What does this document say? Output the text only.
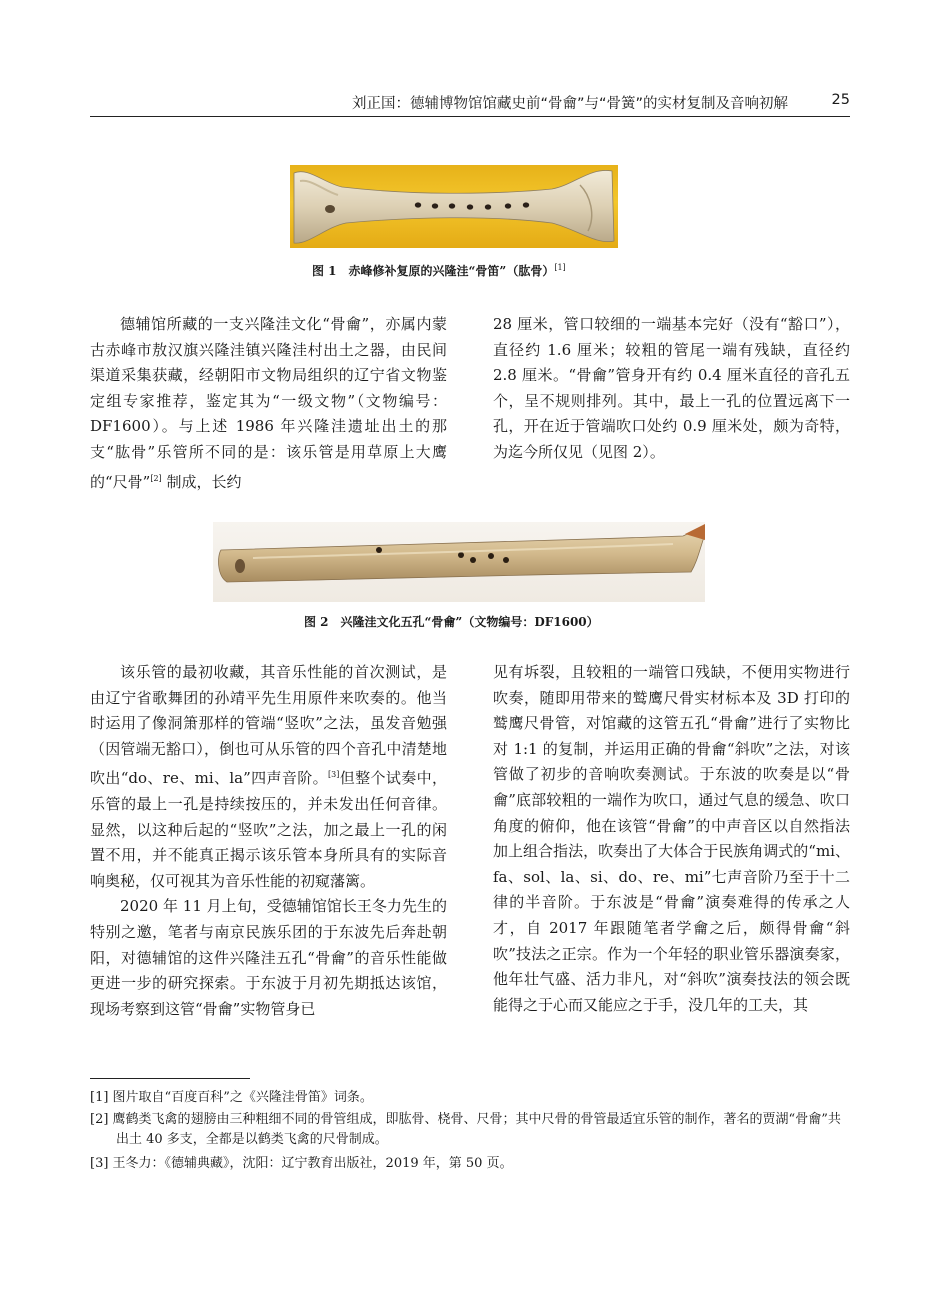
刘正国：德辅博物馆馆藏史前“骨龠”与“骨簧”的实材复制及音响初解	25
图 1　赤峰修补复原的兴隆洼“骨笛”（肱骨）[1]

德辅馆所藏的一支兴隆洼文化“骨龠”，亦属内蒙古赤峰市敖汉旗兴隆洼镇兴隆洼村出土之器，由民间渠道采集获藏，经朝阳市文物局组织的辽宁省文物鉴定组专家推荐，鉴定其为“一级文物”（文物编号：DF1600）。与上述 1986 年兴隆洼遗址出土的那支“肱骨”乐管所不同的是：该乐管是用草原上大鹰的“尺骨”[2] 制成，长约

28 厘米，管口较细的一端基本完好（没有“豁口”），直径约 1.6 厘米；较粗的管尾一端有残缺，直径约 2.8 厘米。“骨龠”管身开有约 0.4 厘米直径的音孔五个，呈不规则排列。其中，最上一孔的位置远离下一孔，开在近于管端吹口处约 0.9 厘米处，颇为奇特，为迄今所仅见（见图 2）。

图 2　兴隆洼文化五孔“骨龠”（文物编号：DF1600）

该乐管的最初收藏，其音乐性能的首次测试，是由辽宁省歌舞团的孙靖平先生用原件来吹奏的。他当时运用了像洞箫那样的管端“竖吹”之法，虽发音勉强（因管端无豁口），倒也可从乐管的四个音孔中清楚地吹出“do、re、mi、la”四声音阶。[3]但整个试奏中，乐管的最上一孔是持续按压的，并未发出任何音律。显然，以这种后起的“竖吹”之法，加之最上一孔的闲置不用，并不能真正揭示该乐管本身所具有的实际音响奥秘，仅可视其为音乐性能的初窥藩篱。
2020 年 11 月上旬，受德辅馆馆长王冬力先生的特别之邀，笔者与南京民族乐团的于东波先后奔赴朝阳，对德辅馆的这件兴隆洼五孔“骨龠”的音乐性能做更进一步的研究探索。于东波于月初先期抵达该馆，现场考察到这管“骨龠”实物管身已

见有坼裂，且较粗的一端管口残缺，不便用实物进行吹奏，随即用带来的鹫鹰尺骨实材标本及 3D 打印的鹫鹰尺骨管，对馆藏的这管五孔“骨龠”进行了实物比对 1:1 的复制，并运用正确的骨龠“斜吹”之法，对该管做了初步的音响吹奏测试。于东波的吹奏是以“骨龠”底部较粗的一端作为吹口，通过气息的缓急、吹口角度的俯仰，他在该管“骨龠”的中声音区以自然指法加上组合指法，吹奏出了大体合于民族角调式的“mi、fa、sol、la、si、do、re、mi”七声音阶乃至于十二律的半音阶。于东波是“骨龠”演奏难得的传承之人才，自 2017 年跟随笔者学龠之后，颇得骨龠“斜吹”技法之正宗。作为一个年轻的职业管乐器演奏家，他年壮气盛、活力非凡，对“斜吹”演奏技法的领会既能得之于心而又能应之于手，没几年的工夫，其

[1] 图片取自“百度百科”之《兴隆洼骨笛》词条。
[2] 鹰鹤类飞禽的翅膀由三种粗细不同的骨管组成，即肱骨、桡骨、尺骨；其中尺骨的骨管最适宜乐管的制作，著名的贾湖“骨龠”共出土 40 多支，全都是以鹤类飞禽的尺骨制成。
[3] 王冬力：《德辅典藏》，沈阳：辽宁教育出版社，2019 年，第 50 页。
